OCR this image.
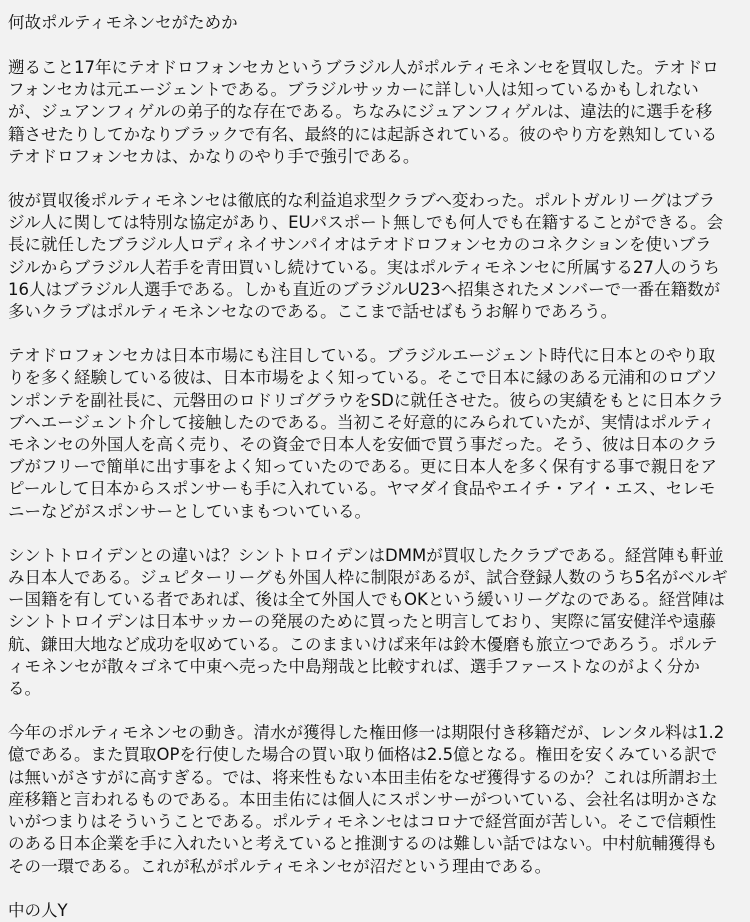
何故ポルティモネンセがためか
遡ること17年にテオドロフォンセカというブラジル人がポルティモネンセを買収した。テオドロ
フォンセカは元エージェントである。ブラジルサッカーに詳しい人は知っているかもしれない
が、ジュアンフィゲルの弟子的な存在である。ちなみにジュアンフィゲルは、違法的に選手を移
籍させたりしてかなりブラックで有名、最終的には起訴されている。彼のやり方を熟知している
テオドロフォンセカは、かなりのやり手で強引である。
彼が買収後ポルティモネンセは徹底的な利益追求型クラブへ変わった。ポルトガルリーグはブラ
ジル人に関しては特別な協定があり、EUパスポート無しでも何人でも在籍することができる。会
長に就任したブラジル人ロディネイサンパイオはテオドロフォンセカのコネクションを使いブラ
ジルからブラジル人若手を青田買いし続けている。実はポルティモネンセに所属する27人のうち
16人はブラジル人選手である。しかも直近のブラジルU23へ招集されたメンバーで一番在籍数が
多いクラブはポルティモネンセなのである。ここまで話せばもうお解りであろう。
テオドロフォンセカは日本市場にも注目している。ブラジルエージェント時代に日本とのやり取
りを多く経験している彼は、日本市場をよく知っている。そこで日本に縁のある元浦和のロブソ
ンポンテを副社長に、元磐田のロドリゴグラウをSDに就任させた。彼らの実績をもとに日本クラ
ブへエージェント介して接触したのである。当初こそ好意的にみられていたが、実情はポルティ
モネンセの外国人を高く売り、その資金で日本人を安価で買う事だった。そう、彼は日本のクラ
ブがフリーで簡単に出す事をよく知っていたのである。更に日本人を多く保有する事で親日をア
ピールして日本からスポンサーも手に入れている。ヤマダイ食品やエイチ・アイ・エス、セレモ
ニーなどがスポンサーとしていまもついている。
シントトロイデンとの違いは？シントトロイデンはDMMが買収したクラブである。経営陣も軒並
み日本人である。ジュピターリーグも外国人枠に制限があるが、試合登録人数のうち5名がベルギ
ー国籍を有している者であれば、後は全て外国人でもOKという緩いリーグなのである。経営陣は
シントトロイデンは日本サッカーの発展のために買ったと明言しており、実際に冨安健洋や遠藤
航、鎌田大地など成功を収めている。このままいけば来年は鈴木優磨も旅立つであろう。ポルテ
ィモネンセが散々ゴネて中東へ売った中島翔哉と比較すれば、選手ファーストなのがよく分か
る。
今年のポルティモネンセの動き。清水が獲得した権田修一は期限付き移籍だが、レンタル料は1.2
億である。また買取OPを行使した場合の買い取り価格は2.5億となる。権田を安くみている訳で
は無いがさすがに高すぎる。では、将来性もない本田圭佑をなぜ獲得するのか？これは所謂お土
産移籍と言われるものである。本田圭佑には個人にスポンサーがついている、会社名は明かさな
いがつまりはそういうことである。ポルティモネンセはコロナで経営面が苦しい。そこで信頼性
のある日本企業を手に入れたいと考えていると推測するのは難しい話ではない。中村航輔獲得も
その一環である。これが私がポルティモネンセが沼だという理由である。
中の人Y
